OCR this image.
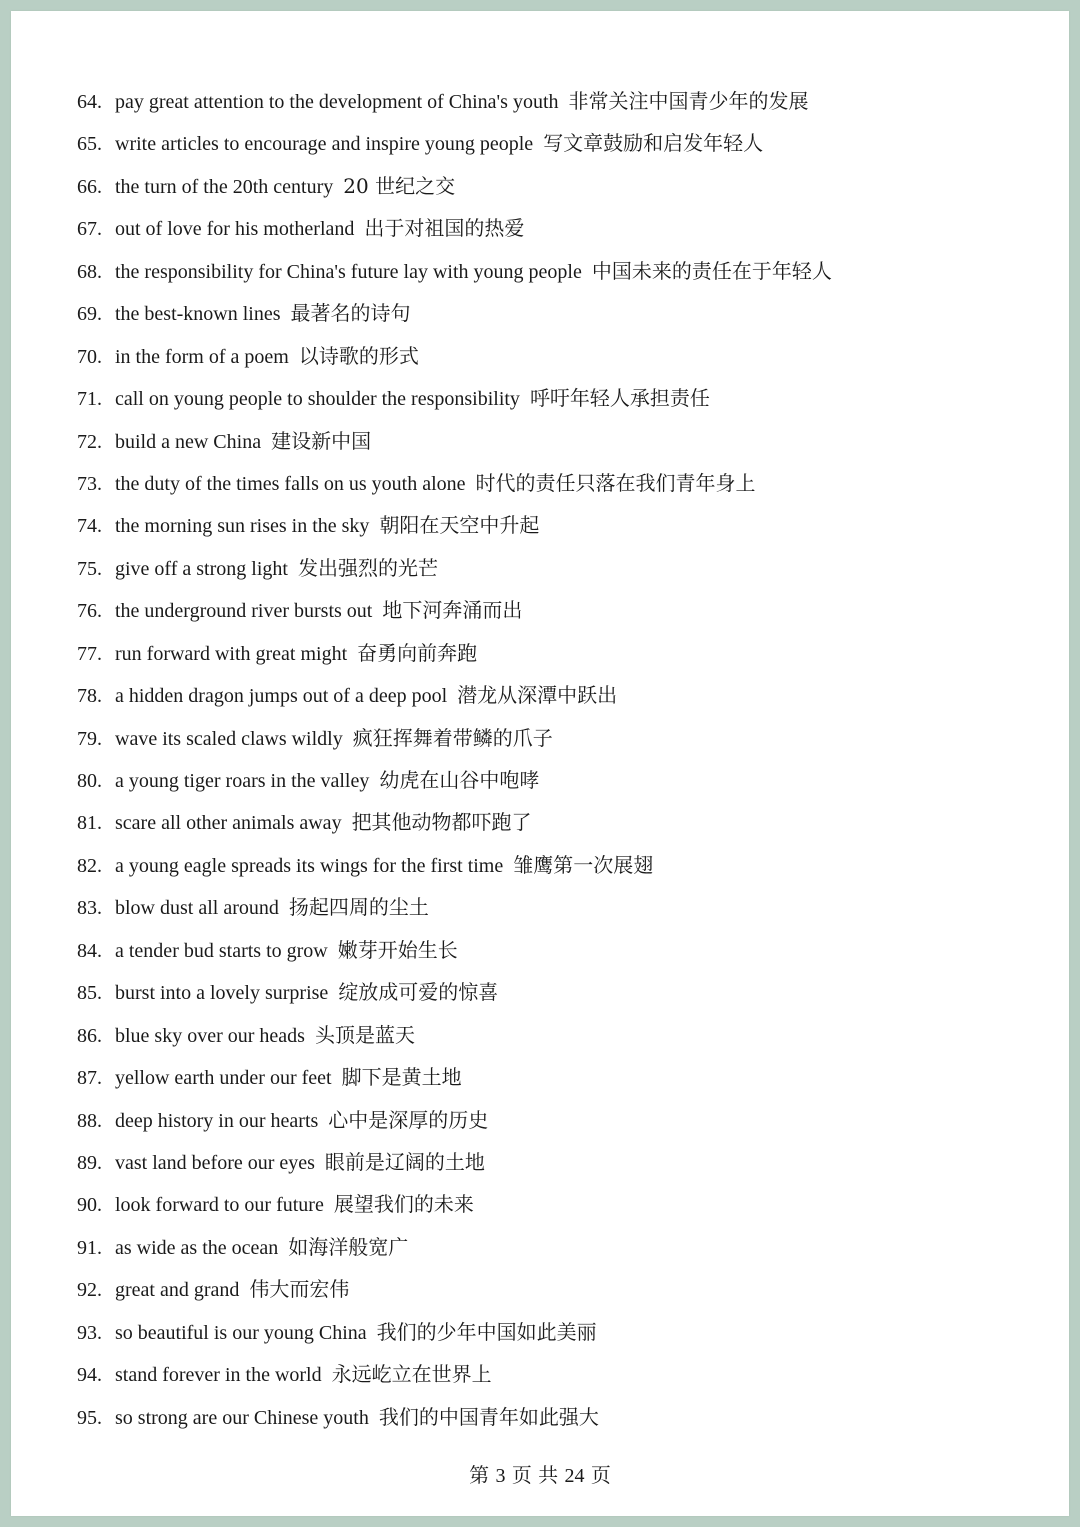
64. pay great attention to the development of China's youth 非常关注中国青少年的发展
65. write articles to encourage and inspire young people 写文章鼓励和启发年轻人
66. the turn of the 20th century 20 世纪之交
67. out of love for his motherland 出于对祖国的热爱
68. the responsibility for China's future lay with young people 中国未来的责任在于年轻人
69. the best-known lines 最著名的诗句
70. in the form of a poem 以诗歌的形式
71. call on young people to shoulder the responsibility 呼吁年轻人承担责任
72. build a new China 建设新中国
73. the duty of the times falls on us youth alone 时代的责任只落在我们青年身上
74. the morning sun rises in the sky 朝阳在天空中升起
75. give off a strong light 发出强烈的光芒
76. the underground river bursts out 地下河奔涌而出
77. run forward with great might 奋勇向前奔跑
78. a hidden dragon jumps out of a deep pool 潜龙从深潭中跃出
79. wave its scaled claws wildly 疯狂挥舞着带鳞的爪子
80. a young tiger roars in the valley 幼虎在山谷中咆哮
81. scare all other animals away 把其他动物都吓跑了
82. a young eagle spreads its wings for the first time 雏鹰第一次展翅
83. blow dust all around 扬起四周的尘土
84. a tender bud starts to grow 嫩芽开始生长
85. burst into a lovely surprise 绽放成可爱的惊喜
86. blue sky over our heads 头顶是蓝天
87. yellow earth under our feet 脚下是黄土地
88. deep history in our hearts 心中是深厚的历史
89. vast land before our eyes 眼前是辽阔的土地
90. look forward to our future 展望我们的未来
91. as wide as the ocean 如海洋般宽广
92. great and grand 伟大而宏伟
93. so beautiful is our young China 我们的少年中国如此美丽
94. stand forever in the world 永远屹立在世界上
95. so strong are our Chinese youth 我们的中国青年如此强大
第 3 页 共 24 页
